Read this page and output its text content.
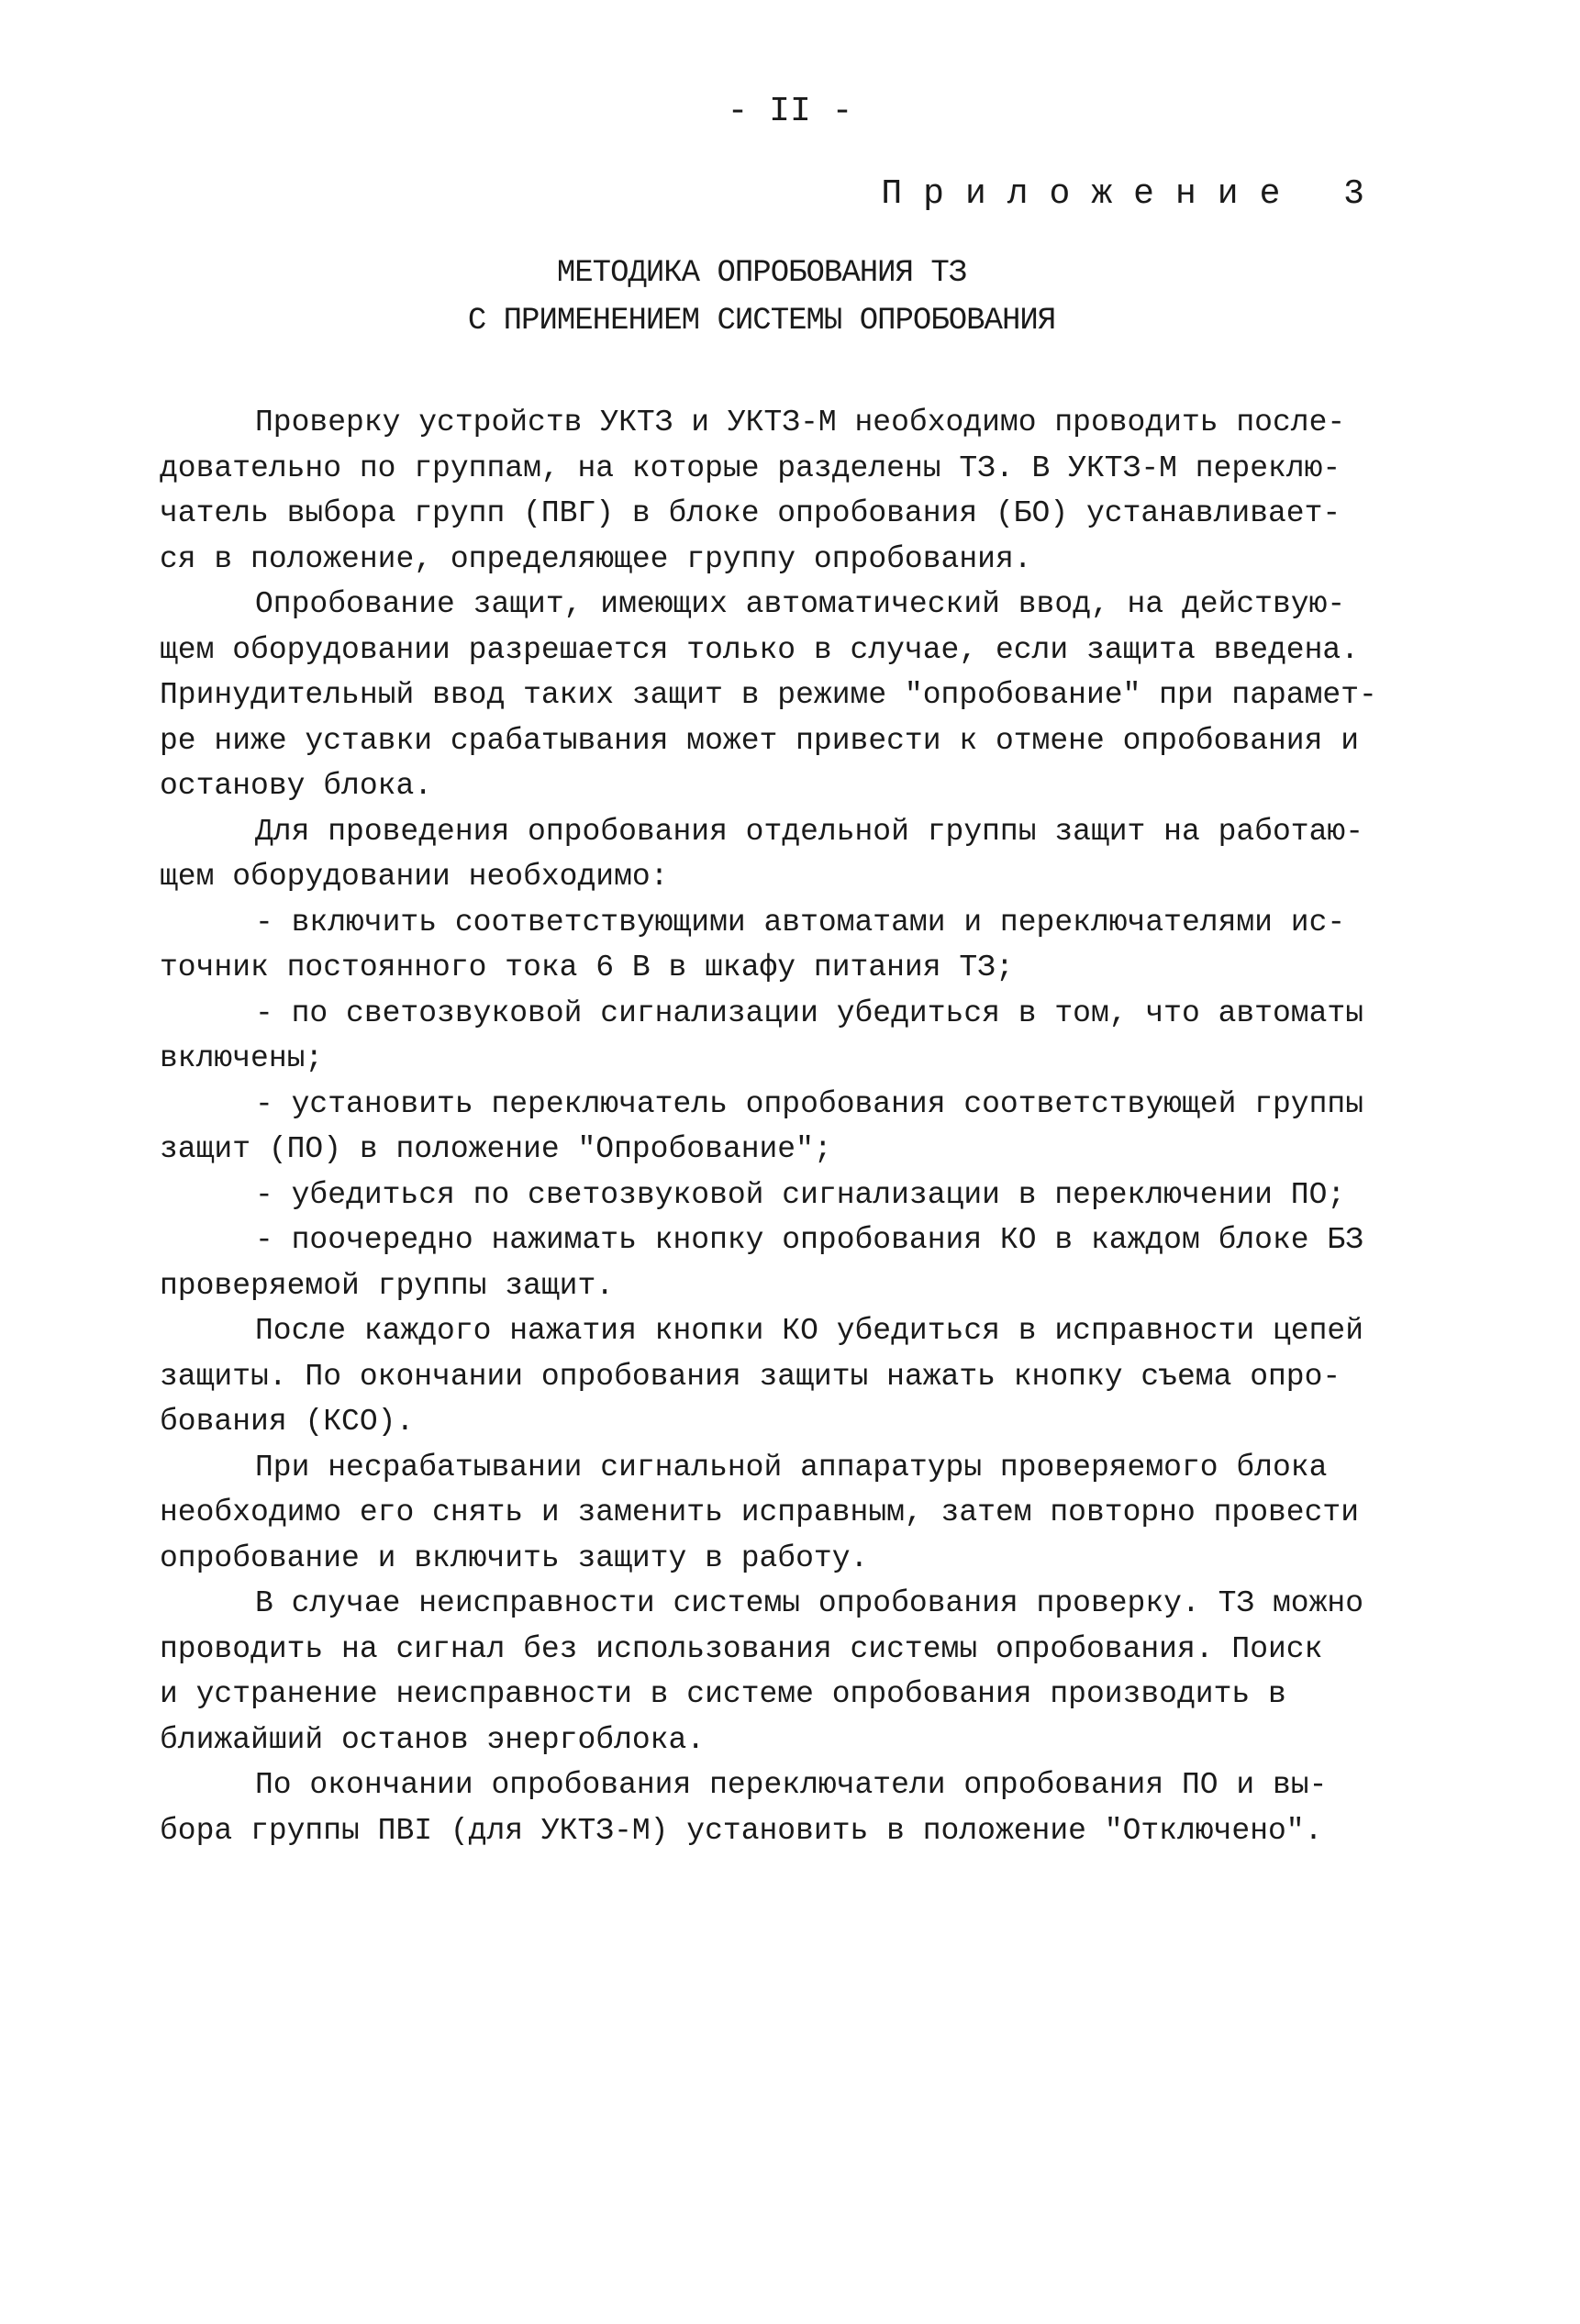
- II -
Приложение 3
МЕТОДИКА ОПРОБОВАНИЯ ТЗ
С ПРИМЕНЕНИЕМ СИСТЕМЫ ОПРОБОВАНИЯ
Проверку устройств УКТЗ и УКТЗ-М необходимо проводить после-
довательно по группам, на которые разделены ТЗ. В УКТЗ-М переклю-
чатель выбора групп (ПВГ) в блоке опробования (БО) устанавливает-
ся в положение, определяющее группу опробования.
Опробование защит, имеющих автоматический ввод, на действую-
щем оборудовании разрешается только в случае, если защита введена.
Принудительный ввод таких защит в режиме "опробование" при парамет-
ре ниже уставки срабатывания может привести к отмене опробования и
останову блока.
Для проведения опробования отдельной группы защит на работаю-
щем оборудовании необходимо:
- включить соответствующими автоматами и переключателями ис-
точник постоянного тока 6 В в шкафу питания ТЗ;
- по светозвуковой сигнализации убедиться в том, что автоматы
включены;
- установить переключатель опробования соответствующей группы
защит (ПО) в положение "Опробование";
- убедиться по светозвуковой сигнализации в переключении ПО;
- поочередно нажимать кнопку опробования КО в каждом блоке БЗ
проверяемой группы защит.
После каждого нажатия кнопки КО убедиться в исправности цепей
защиты. По окончании опробования защиты нажать кнопку съема опро-
бования (КСО).
При несрабатывании сигнальной аппаратуры проверяемого блока
необходимо его снять и заменить исправным, затем повторно провести
опробование и включить защиту в работу.
В случае неисправности системы опробования проверку. ТЗ можно
проводить на сигнал без использования системы опробования. Поиск
и устранение неисправности в системе опробования производить в
ближайший останов энергоблока.
По окончании опробования переключатели опробования ПО и вы-
бора группы ПВI (для УКТЗ-М) установить в положение "Отключено".
